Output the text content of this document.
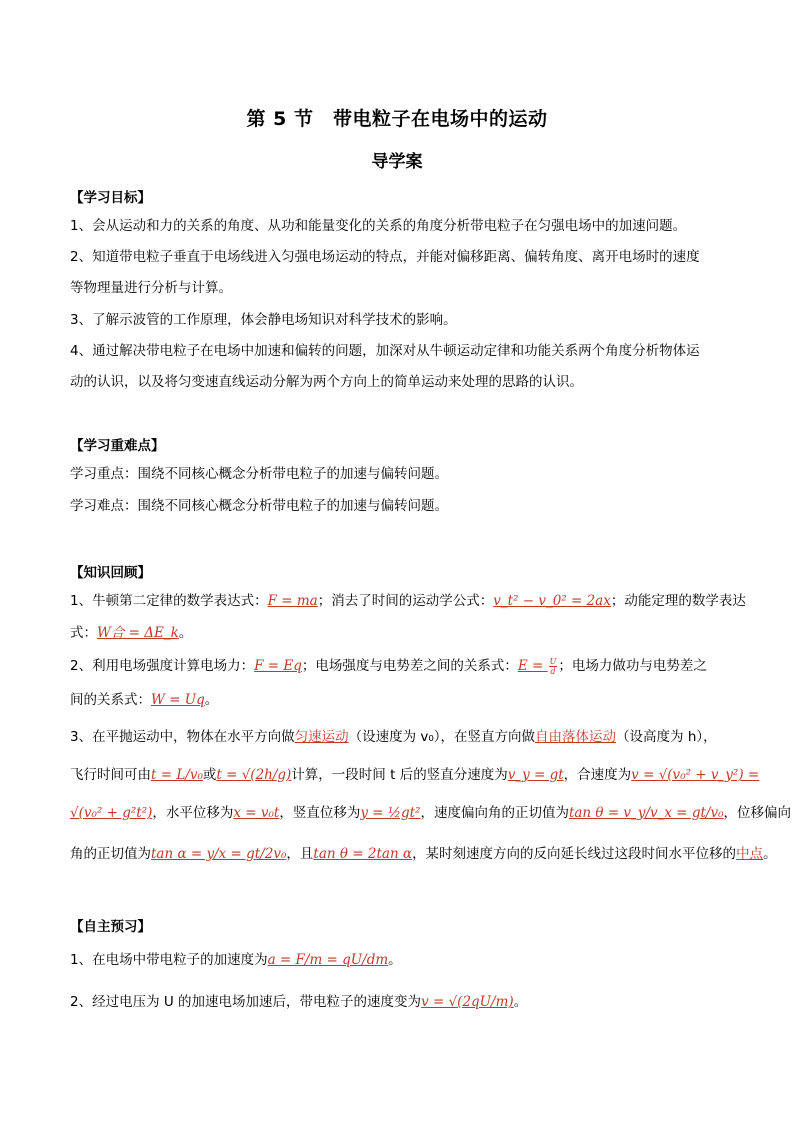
第 5 节　带电粒子在电场中的运动
导学案
【学习目标】
1、会从运动和力的关系的角度、从功和能量变化的关系的角度分析带电粒子在匀强电场中的加速问题。
2、知道带电粒子垂直于电场线进入匀强电场运动的特点，并能对偏移距离、偏转角度、离开电场时的速度
等物理量进行分析与计算。
3、了解示波管的工作原理，体会静电场知识对科学技术的影响。
4、通过解决带电粒子在电场中加速和偏转的问题，加深对从牛顿运动定律和功能关系两个角度分析物体运
动的认识，以及将匀变速直线运动分解为两个方向上的简单运动来处理的思路的认识。
【学习重难点】
学习重点：围绕不同核心概念分析带电粒子的加速与偏转问题。
学习难点：围绕不同核心概念分析带电粒子的加速与偏转问题。
【知识回顾】
1、牛顿第二定律的数学表达式：F = ma；消去了时间的运动学公式：v_t² − v_0² = 2ax；动能定理的数学表达
式：W合 = ΔE_k。
2、利用电场强度计算电场力：F = Eq；电场强度与电势差之间的关系式：$E = \frac{U}{d}$ ；电场力做功与电势差之
间的关系式：W = Uq。
3、在平抛运动中，物体在水平方向做匀速运动（设速度为 v₀），在竖直方向做自由落体运动（设高度为 h），
飞行时间可由t = L/v₀或t = √(2h/g)计算，一段时间 t 后的竖直分速度为v_y = gt，合速度为v = √(v₀² + v_y²) =
√(v₀² + g²t²)，水平位移为x = v₀t，竖直位移为y = ½gt²，速度偏向角的正切值为tan θ = v_y/v_x = gt/v₀，位移偏向
角的正切值为tan α = y/x = gt/2v₀，且tan θ = 2tan α，某时刻速度方向的反向延长线过这段时间水平位移的中点。
【自主预习】
1、在电场中带电粒子的加速度为a = F/m = qU/dm。
2、经过电压为 U 的加速电场加速后，带电粒子的速度变为v = √(2qU/m)。
